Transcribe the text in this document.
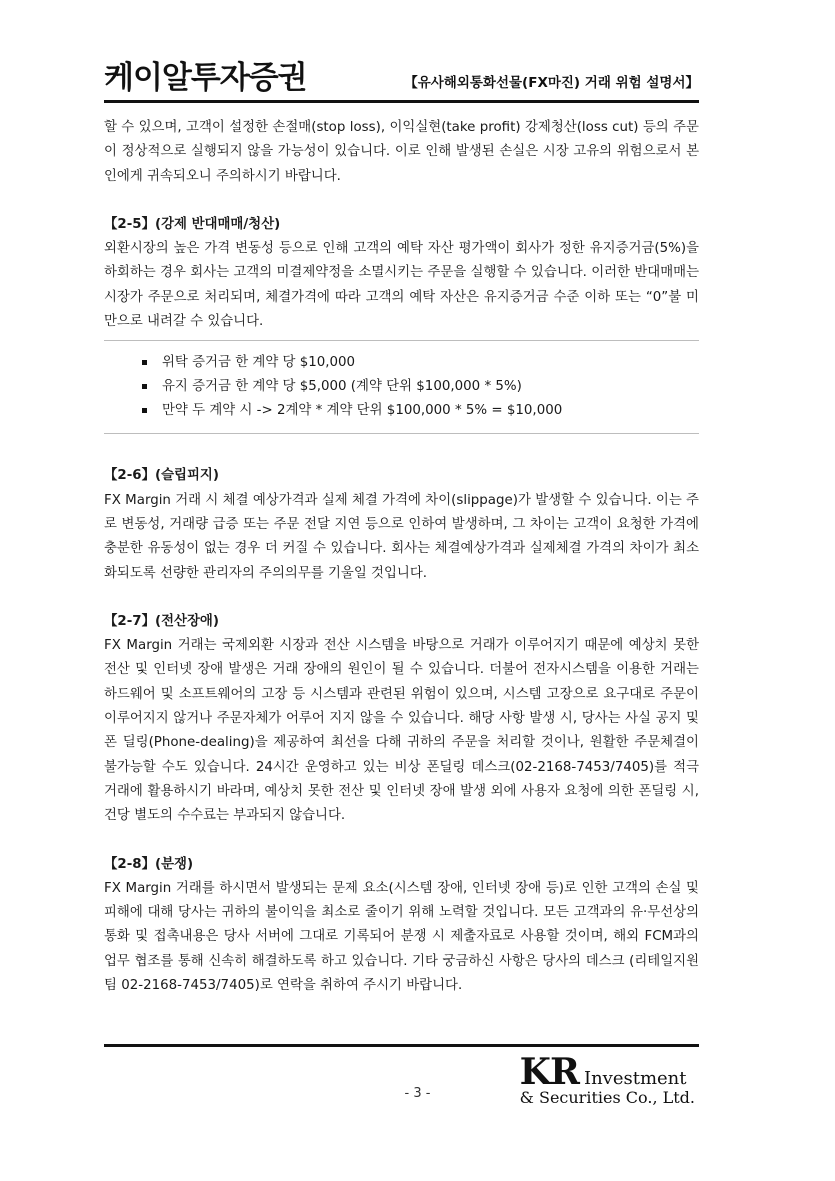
케이알투자증권	【유사해외통화선물(FX마진) 거래 위험 설명서】

할 수 있으며, 고객이 설정한 손절매(stop loss), 이익실현(take profit) 강제청산(loss cut) 등의 주문이 정상적으로 실행되지 않을 가능성이 있습니다. 이로 인해 발생된 손실은 시장 고유의 위험으로서 본인에게 귀속되오니 주의하시기 바랍니다.

【2-5】(강제 반대매매/청산)

외환시장의 높은 가격 변동성 등으로 인해 고객의 예탁 자산 평가액이 회사가 정한 유지증거금(5%)을 하회하는 경우 회사는 고객의 미결제약정을 소멸시키는 주문을 실행할 수 있습니다. 이러한 반대매매는 시장가 주문으로 처리되며, 체결가격에 따라 고객의 예탁 자산은 유지증거금 수준 이하 또는 “0”불 미만으로 내려갈 수 있습니다.

위탁 증거금 한 계약 당 $10,000
유지 증거금 한 계약 당 $5,000 (계약 단위 $100,000 * 5%)
만약 두 계약 시 -> 2계약 * 계약 단위 $100,000 * 5% = $10,000

【2-6】(슬립피지)

FX Margin 거래 시 체결 예상가격과 실제 체결 가격에 차이(slippage)가 발생할 수 있습니다. 이는 주로 변동성, 거래량 급증 또는 주문 전달 지연 등으로 인하여 발생하며, 그 차이는 고객이 요청한 가격에 충분한 유동성이 없는 경우 더 커질 수 있습니다. 회사는 체결예상가격과 실제체결 가격의 차이가 최소화되도록 선량한 관리자의 주의의무를 기울일 것입니다.

【2-7】(전산장애)

FX Margin 거래는 국제외환 시장과 전산 시스템을 바탕으로 거래가 이루어지기 때문에 예상치 못한 전산 및 인터넷 장애 발생은 거래 장애의 원인이 될 수 있습니다. 더불어 전자시스템을 이용한 거래는 하드웨어 및 소프트웨어의 고장 등 시스템과 관련된 위험이 있으며, 시스템 고장으로 요구대로 주문이 이루어지지 않거나 주문자체가 어루어 지지 않을 수 있습니다. 해당 사항 발생 시, 당사는 사실 공지 및 폰 딜링(Phone-dealing)을 제공하여 최선을 다해 귀하의 주문을 처리할 것이나, 원활한 주문체결이 불가능할 수도 있습니다. 24시간 운영하고 있는 비상 폰딜링 데스크(02-2168-7453/7405)를 적극 거래에 활용하시기 바라며, 예상치 못한 전산 및 인터넷 장애 발생 외에 사용자 요청에 의한 폰딜링 시, 건당 별도의 수수료는 부과되지 않습니다.

【2-8】(분쟁)

FX Margin 거래를 하시면서 발생되는 문제 요소(시스템 장애, 인터넷 장애 등)로 인한 고객의 손실 및 피해에 대해 당사는 귀하의 불이익을 최소로 줄이기 위해 노력할 것입니다. 모든 고객과의 유·무선상의 통화 및 접촉내용은 당사 서버에 그대로 기록되어 분쟁 시 제출자료로 사용할 것이며, 해외 FCM과의 업무 협조를 통해 신속히 해결하도록 하고 있습니다. 기타 궁금하신 사항은 당사의 데스크 (리테일지원팀 02-2168-7453/7405)로 연락을 취하여 주시기 바랍니다.

- 3 -
KR Investment
& Securities Co., Ltd.
